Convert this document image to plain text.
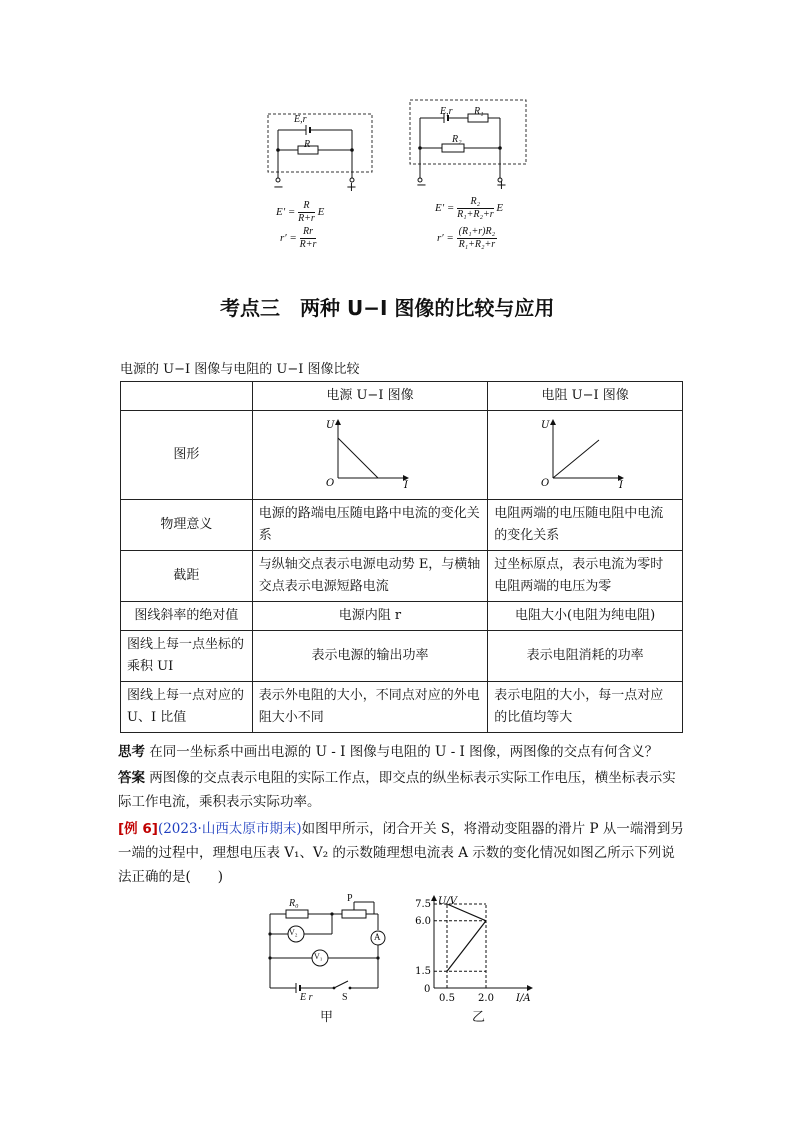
E,r
R
−	+
$E' = \frac{R}{R+r}$ E
$r' = \frac{Rr}{R+r}$
E,r R₁
R₂
−	+
$E' = \frac{\text{R₂}}{\text{R₁+R₂+r}}$ E
$r' = \frac{\text{(R₁+r)R₂}}{\text{R₁+R₂+r}}$
考点三　两种 U−I 图像的比较与应用
电源的 U−I 图像与电阻的 U−I 图像比较
	电源 U−I 图像	电阻 U−I 图像
图形	U
O I	U
O I

物理意义	电源的路端电压随电路中电流的变化关系	电阻两端的电压随电阻中电流的变化关系
截距	与纵轴交点表示电源电动势 E，与横轴交点表示电源短路电流	过坐标原点，表示电流为零时电阻两端的电压为零
图线斜率的绝对值	电源内阻 r	电阻大小(电阻为纯电阻)
图线上每一点坐标的乘积 UI	表示电源的输出功率	表示电阻消耗的功率
图线上每一点对应的 U、I 比值	表示外电阻的大小，不同点对应的外电阻大小不同	表示电阻的大小，每一点对应的比值均等大
思考 在同一坐标系中画出电源的 U - I 图像与电阻的 U - I 图像，两图像的交点有何含义？
答案 两图像的交点表示电阻的实际工作点，即交点的纵坐标表示实际工作电压，横坐标表示实际工作电流，乘积表示实际功率。
[例 6](2023·山西太原市期末)如图甲所示，闭合开关 S，将滑动变阻器的滑片 P 从一端滑到另一端的过程中，理想电压表 V₁、V₂ 的示数随理想电流表 A 示数的变化情况如图乙所示下列说法正确的是(　　)
R₀	P
V₂
V₁
A
E r	S
甲
U/V
I/A
0
1.5
6.0
7.5
0.5 2.0
乙
